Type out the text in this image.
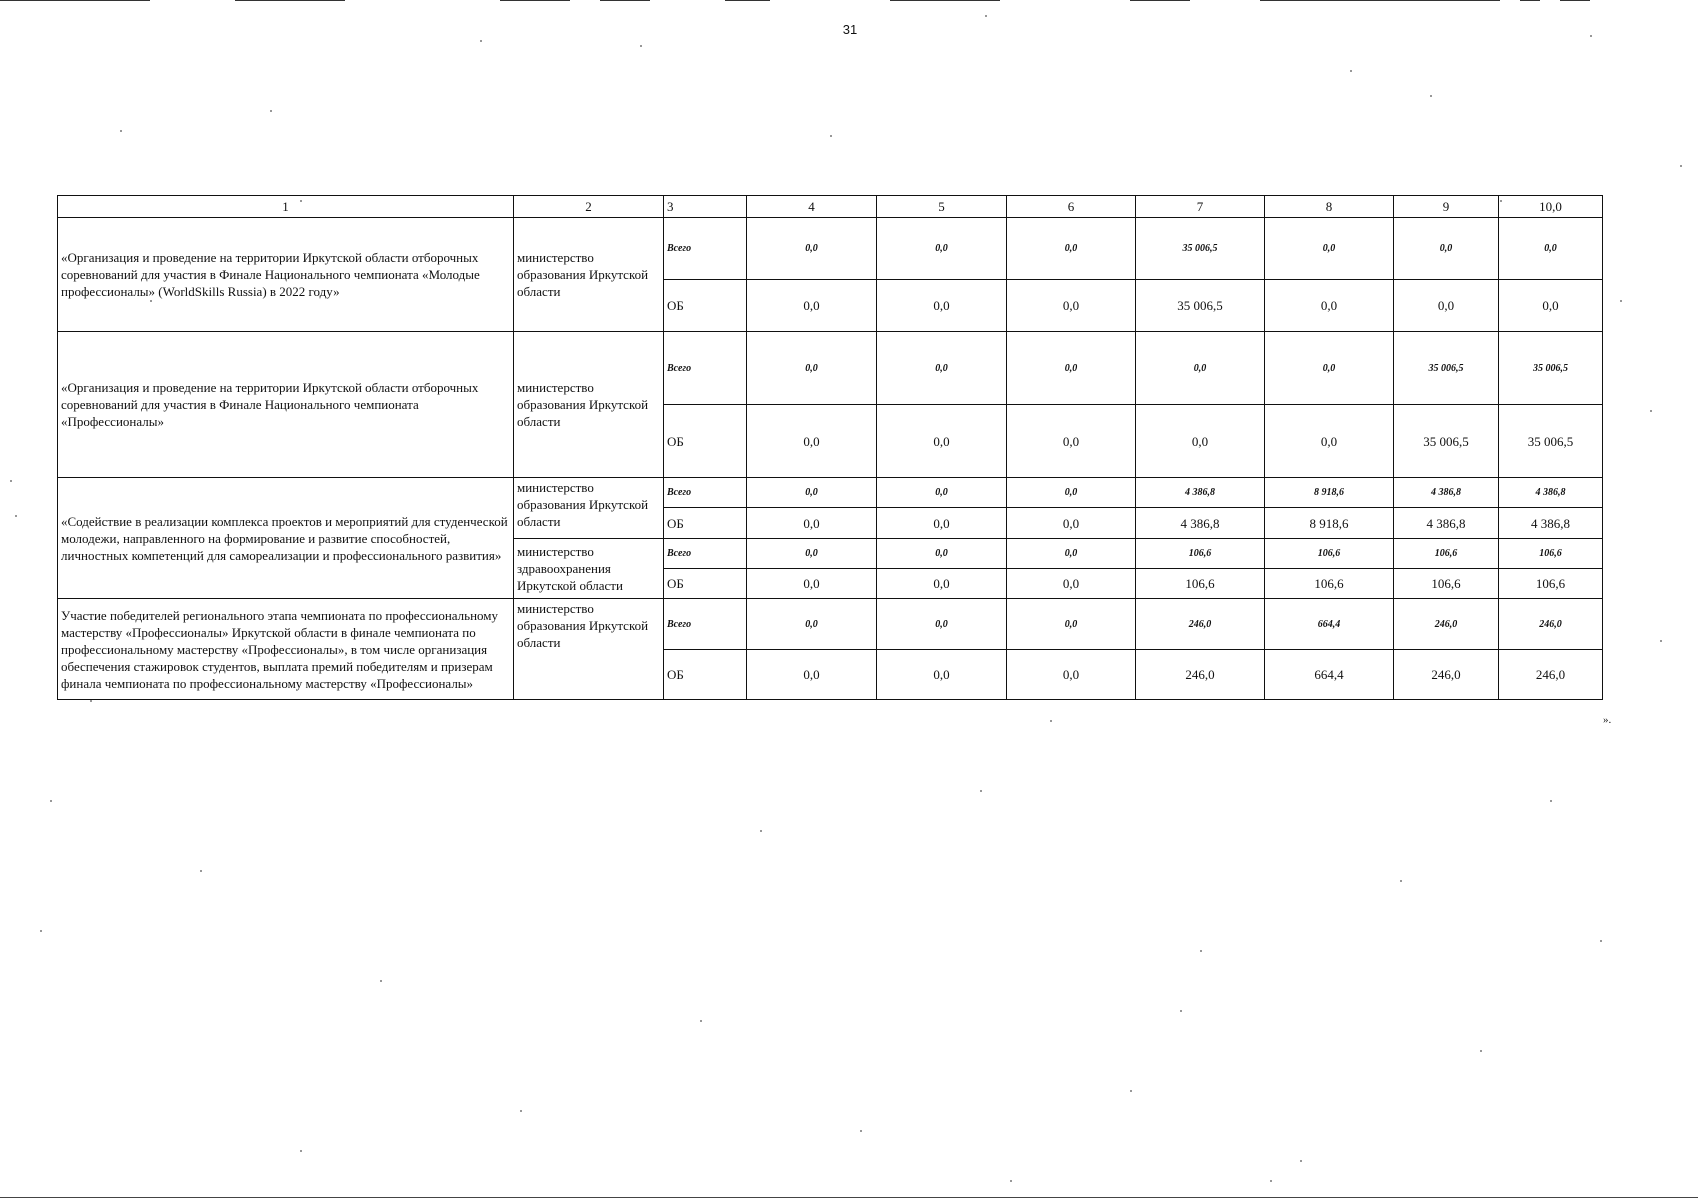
31
1	2	3	4	5	6	7	8	9	10,0
«Организация и проведение на территории Иркутской области отборочных соревнований для участия в Финале Национального чемпионата «Молодые профессионалы» (WorldSkills Russia) в 2022 году»	министерство образования Иркутской области	Всего	0,0	0,0	0,0	35 006,5	0,0	0,0	0,0
		ОБ	0,0	0,0	0,0	35 006,5	0,0	0,0	0,0
«Организация и проведение на территории Иркутской области отборочных соревнований для участия в Финале Национального чемпионата «Профессионалы»	министерство образования Иркутской области	Всего	0,0	0,0	0,0	0,0	0,0	35 006,5	35 006,5
		ОБ	0,0	0,0	0,0	0,0	0,0	35 006,5	35 006,5
«Содействие в реализации комплекса проектов и мероприятий для студенческой молодежи, направленного на формирование и развитие способностей, личностных компетенций для самореализации и профессионального развития»	министерство образования Иркутской области	Всего	0,0	0,0	0,0	4 386,8	8 918,6	4 386,8	4 386,8
		ОБ	0,0	0,0	0,0	4 386,8	8 918,6	4 386,8	4 386,8
	министерство здравоохранения Иркутской области	Всего	0,0	0,0	0,0	106,6	106,6	106,6	106,6
		ОБ	0,0	0,0	0,0	106,6	106,6	106,6	106,6
Участие победителей регионального этапа чемпионата по профессиональному мастерству «Профессионалы» Иркутской области в финале чемпионата по профессиональному мастерству «Профессионалы», в том числе организация обеспечения стажировок студентов, выплата премий победителям и призерам финала чемпионата по профессиональному мастерству «Профессионалы»	министерство образования Иркутской области	Всего	0,0	0,0	0,0	246,0	664,4	246,0	246,0
		ОБ	0,0	0,0	0,0	246,0	664,4	246,0	246,0
».
